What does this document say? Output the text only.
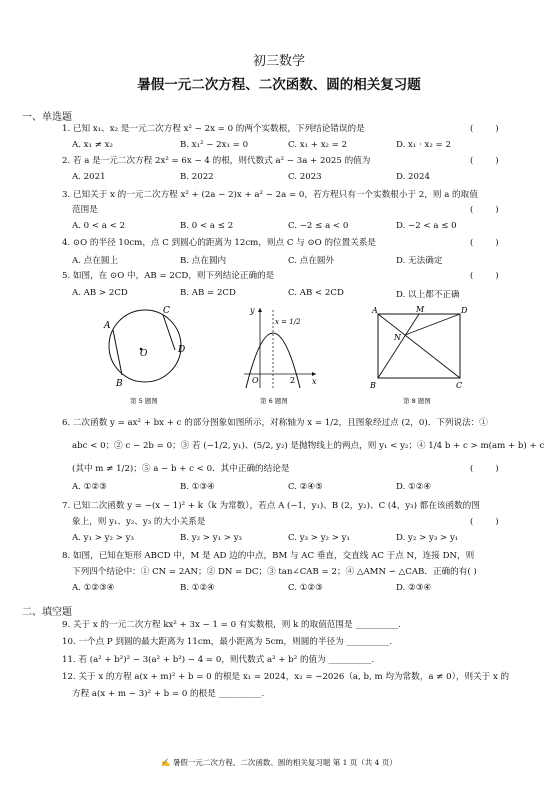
初三数学
暑假一元二次方程、二次函数、圆的相关复习题
一、单选题
1. 已知 x₁、x₂ 是一元二次方程 x² − 2x = 0 的两个实数根，下列结论错误的是	(        )
A. x₁ ≠ x₂	B. x₁² − 2x₁ = 0	C. x₁ + x₂ = 2	D. x₁ · x₂ = 2
2. 若 a 是一元二次方程 2x² = 6x − 4 的根，则代数式 a² − 3a + 2025 的值为	(        )
A. 2021	B. 2022	C. 2023	D. 2024
3. 已知关于 x 的一元二次方程 x² + (2a − 2)x + a² − 2a = 0，若方程只有一个实数根小于 2，则 a 的取值
范围是	(        )
A. 0 < a < 2	B. 0 < a ≤ 2	C. −2 ≤ a < 0	D. −2 < a ≤ 0
4. ⊙O 的半径 10cm，点 C 到圆心的距离为 12cm，则点 C 与 ⊙O 的位置关系是	(        )
A. 点在圆上	B. 点在圆内	C. 点在圆外	D. 无法确定
5. 如图，在 ⊙O 中，AB = 2CD，则下列结论正确的是	(        )
A. AB > 2CD	B. AB = 2CD	C. AB < 2CD	D. 以上都不正确
A
B
C
D
O
第 5 题图
y
x
O	2
x = 1/2
第 6 题图
A	M	D
N
B	C
第 8 题图
6. 二次函数 y = ax² + bx + c 的部分图象如图所示，对称轴为 x = 1/2，且图象经过点 (2，0)．下列说法：①
abc < 0；② c − 2b = 0；③ 若 (−1/2, y₁)、(5/2, y₂) 是抛物线上的两点，则 y₁ < y₂；④ 1/4 b + c > m(am + b) + c
(其中 m ≠ 1/2)；⑤ a − b + c < 0．其中正确的结论是	(        )
A. ①②③	B. ①③④	C. ②④⑤	D. ①②④
7. 已知二次函数 y = −(x − 1)² + k（k 为常数），若点 A (−1，y₁)、B (2，y₂)、C (4，y₃) 都在该函数的图
象上，则 y₁、y₂、y₃ 的大小关系是	(        )
A. y₁ > y₂ > y₃	B. y₂ > y₁ > y₃	C. y₃ > y₂ > y₁	D. y₂ > y₃ > y₁
8. 如图，已知在矩形 ABCD 中，M 是 AD 边的中点，BM 与 AC 垂直，交直线 AC 于点 N，连接 DN，则
下列四个结论中：① CN = 2AN；② DN = DC；③ tan∠CAB = 2；④ △AMN ∽ △CAB．正确的有( )
A. ①②③④	B. ①②④	C. ①②③	D. ②③④
二、填空题
9. 关于 x 的一元二次方程 kx² + 3x − 1 = 0 有实数根，则 k 的取值范围是 __________.
10. 一个点 P 到圆的最大距离为 11cm，最小距离为 5cm，则圆的半径为 __________.
11. 若 (a² + b²)² − 3(a² + b²) − 4 = 0，则代数式 a² + b² 的值为 __________.
12. 关于 x 的方程 a(x + m)² + b = 0 的根是 x₁ = 2024，x₂ = −2026（a, b, m 均为常数，a ≠ 0），则关于 x 的
方程 a(x + m − 3)² + b = 0 的根是 __________.
✍ 暑假一元二次方程、二次函数、圆的相关复习题 第 1 页（共 4 页）
